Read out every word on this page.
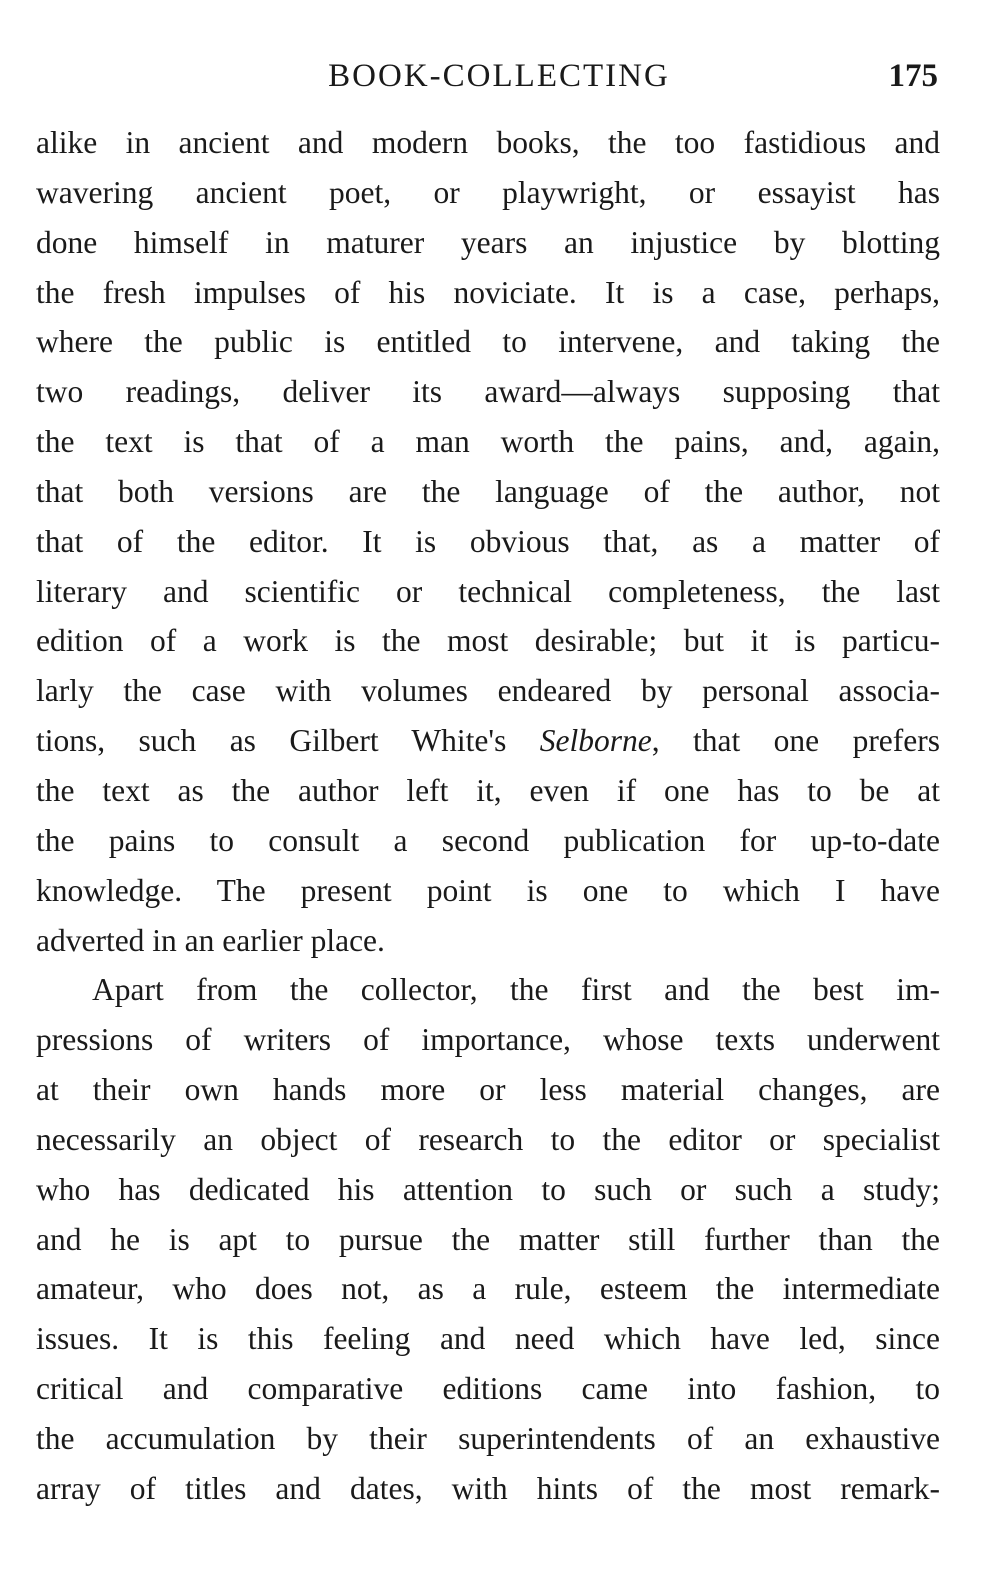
BOOK-COLLECTING	175
alike in ancient and modern books, the too fastidious and
wavering ancient poet, or playwright, or essayist has
done himself in maturer years an injustice by blotting
the fresh impulses of his noviciate. It is a case, perhaps,
where the public is entitled to intervene, and taking the
two readings, deliver its award—always supposing that
the text is that of a man worth the pains, and, again,
that both versions are the language of the author, not
that of the editor. It is obvious that, as a matter of
literary and scientific or technical completeness, the last
edition of a work is the most desirable; but it is particu-
larly the case with volumes endeared by personal associa-
tions, such as Gilbert White's Selborne, that one prefers
the text as the author left it, even if one has to be at
the pains to consult a second publication for up-to-date
knowledge. The present point is one to which I have
adverted in an earlier place.
Apart from the collector, the first and the best im-
pressions of writers of importance, whose texts underwent
at their own hands more or less material changes, are
necessarily an object of research to the editor or specialist
who has dedicated his attention to such or such a study;
and he is apt to pursue the matter still further than the
amateur, who does not, as a rule, esteem the intermediate
issues. It is this feeling and need which have led, since
critical and comparative editions came into fashion, to
the accumulation by their superintendents of an exhaustive
array of titles and dates, with hints of the most remark-
